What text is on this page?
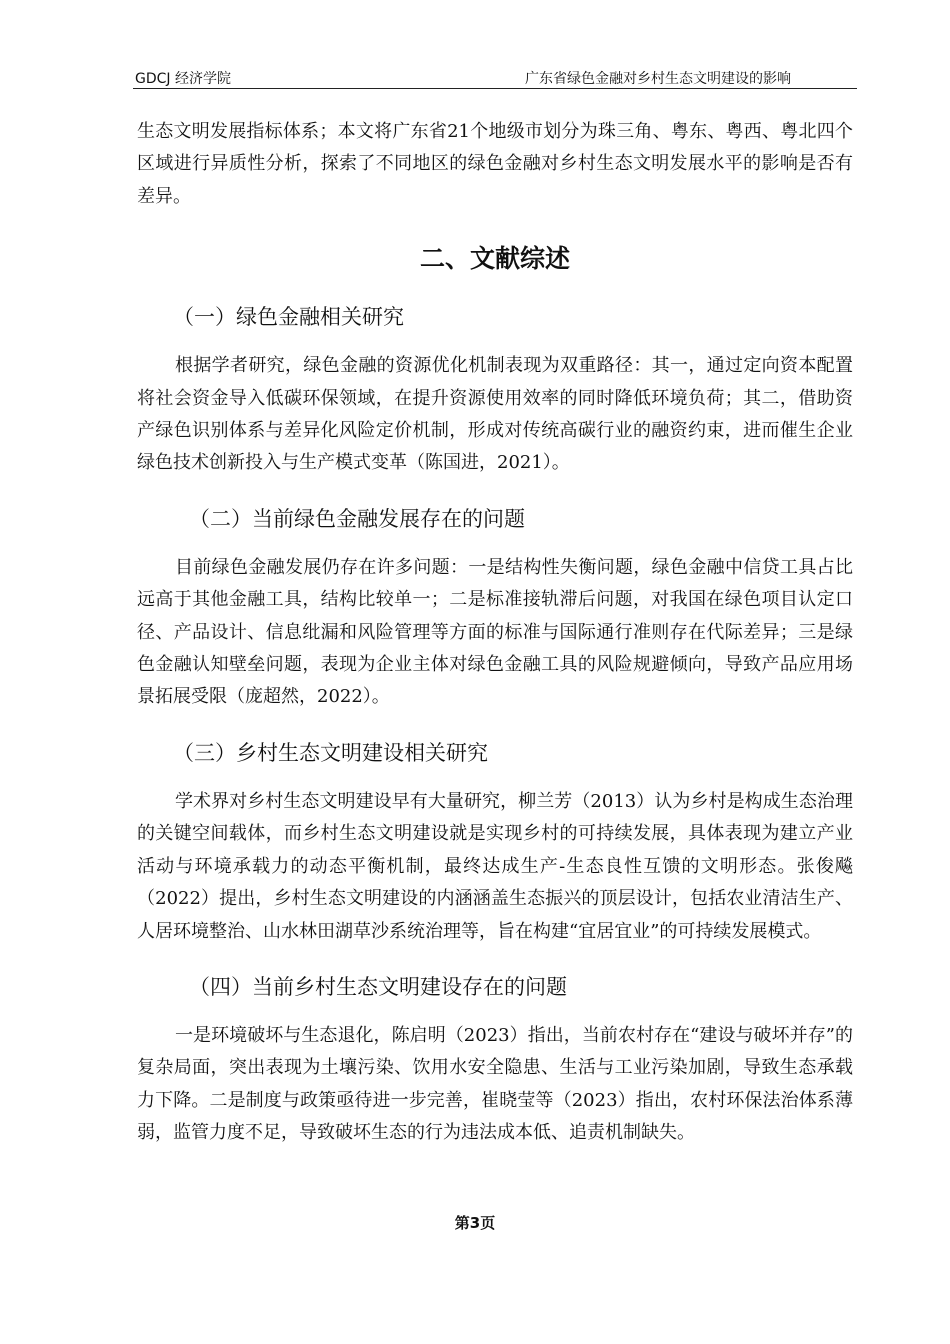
GDCJ 经济学院	广东省绿色金融对乡村生态文明建设的影响

生态文明发展指标体系；本文将广东省21个地级市划分为珠三角、粤东、粤西、粤北四个区域进行异质性分析，探索了不同地区的绿色金融对乡村生态文明发展水平的影响是否有差异。

二、文献综述
（一）绿色金融相关研究

根据学者研究，绿色金融的资源优化机制表现为双重路径：其一，通过定向资本配置将社会资金导入低碳环保领域，在提升资源使用效率的同时降低环境负荷；其二，借助资产绿色识别体系与差异化风险定价机制，形成对传统高碳行业的融资约束，进而催生企业绿色技术创新投入与生产模式变革（陈国进，2021）。

（二）当前绿色金融发展存在的问题

目前绿色金融发展仍存在许多问题：一是结构性失衡问题，绿色金融中信贷工具占比远高于其他金融工具，结构比较单一；二是标准接轨滞后问题，对我国在绿色项目认定口径、产品设计、信息纰漏和风险管理等方面的标准与国际通行准则存在代际差异；三是绿色金融认知壁垒问题，表现为企业主体对绿色金融工具的风险规避倾向，导致产品应用场景拓展受限（庞超然，2022）。

（三）乡村生态文明建设相关研究

学术界对乡村生态文明建设早有大量研究，柳兰芳（2013）认为乡村是构成生态治理的关键空间载体，而乡村生态文明建设就是实现乡村的可持续发展，具体表现为建立产业活动与环境承载力的动态平衡机制，最终达成生产-生态良性互馈的文明形态。张俊飚（2022）提出，乡村生态文明建设的内涵涵盖生态振兴的顶层设计，包括农业清洁生产、人居环境整治、山水林田湖草沙系统治理等，旨在构建“宜居宜业”的可持续发展模式。

（四）当前乡村生态文明建设存在的问题

一是环境破坏与生态退化，陈启明（2023）指出，当前农村存在“建设与破坏并存”的复杂局面，突出表现为土壤污染、饮用水安全隐患、生活与工业污染加剧，导致生态承载力下降。二是制度与政策亟待进一步完善，崔晓莹等（2023）指出，农村环保法治体系薄弱，监管力度不足，导致破坏生态的行为违法成本低、追责机制缺失。

第3页
